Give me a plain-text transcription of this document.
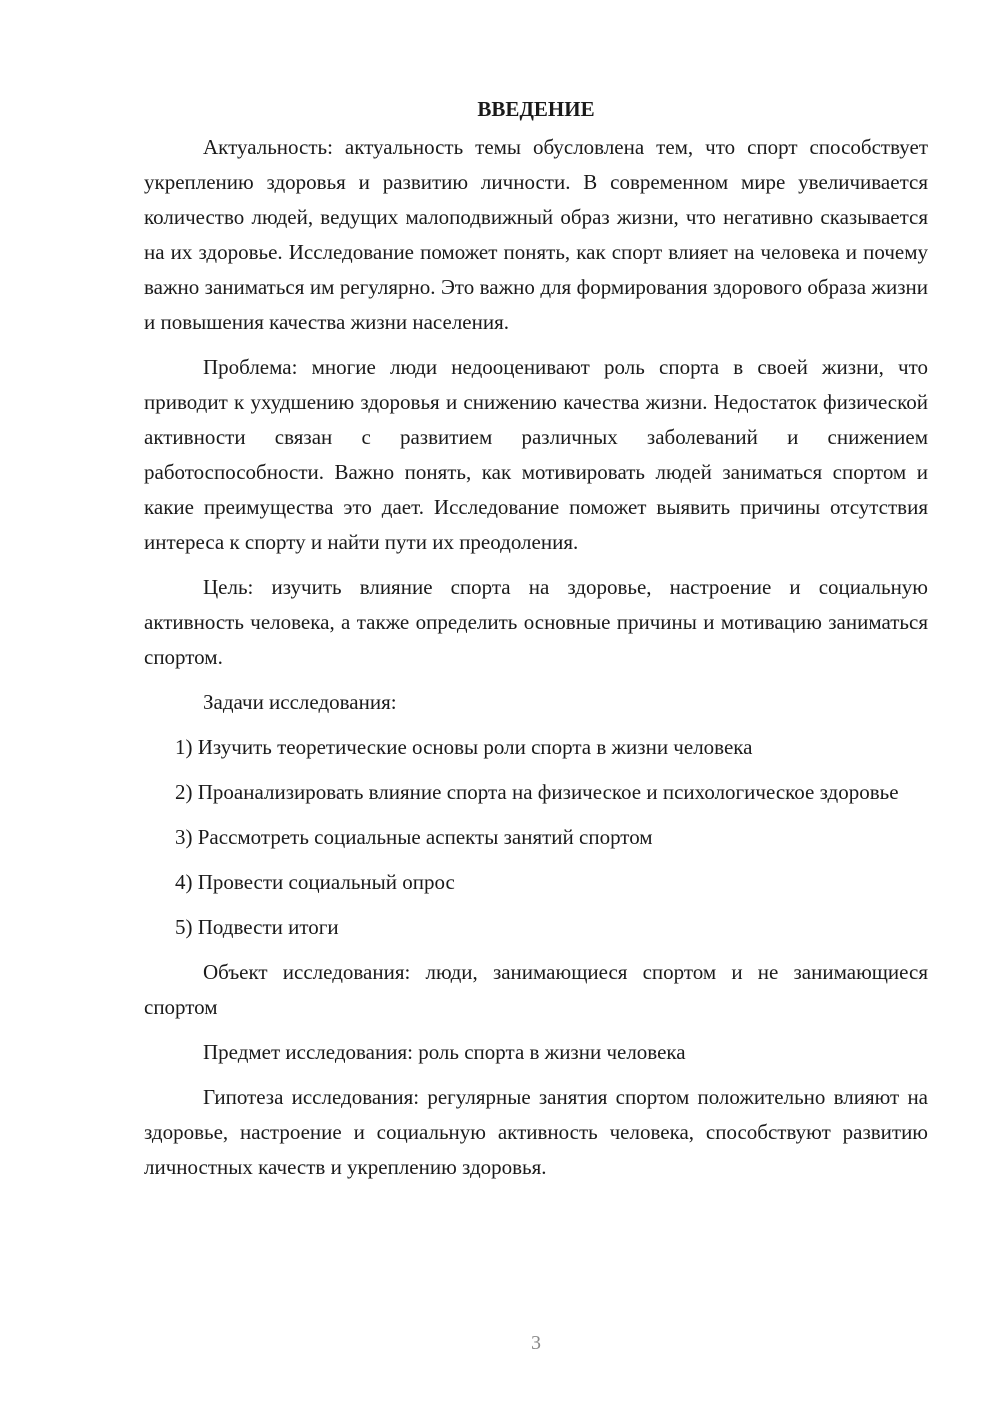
ВВЕДЕНИЕ

Актуальность: актуальность темы обусловлена тем, что спорт способствует укреплению здоровья и развитию личности. В современном мире увеличивается количество людей, ведущих малоподвижный образ жизни, что негативно сказывается на их здоровье. Исследование поможет понять, как спорт влияет на человека и почему важно заниматься им регулярно. Это важно для формирования здорового образа жизни и повышения качества жизни населения.

Проблема: многие люди недооценивают роль спорта в своей жизни, что приводит к ухудшению здоровья и снижению качества жизни. Недостаток физической активности связан с развитием различных заболеваний и снижением работоспособности. Важно понять, как мотивировать людей заниматься спортом и какие преимущества это дает. Исследование поможет выявить причины отсутствия интереса к спорту и найти пути их преодоления.

Цель: изучить влияние спорта на здоровье, настроение и социальную активность человека, а также определить основные причины и мотивацию заниматься спортом.

Задачи исследования:

1) Изучить теоретические основы роли спорта в жизни человека

2) Проанализировать влияние спорта на физическое и психологическое здоровье

3) Рассмотреть социальные аспекты занятий спортом

4) Провести социальный опрос

5) Подвести итоги

Объект исследования: люди, занимающиеся спортом и не занимающиеся спортом

Предмет исследования: роль спорта в жизни человека

Гипотеза исследования: регулярные занятия спортом положительно влияют на здоровье, настроение и социальную активность человека, способствуют развитию личностных качеств и укреплению здоровья.

3
